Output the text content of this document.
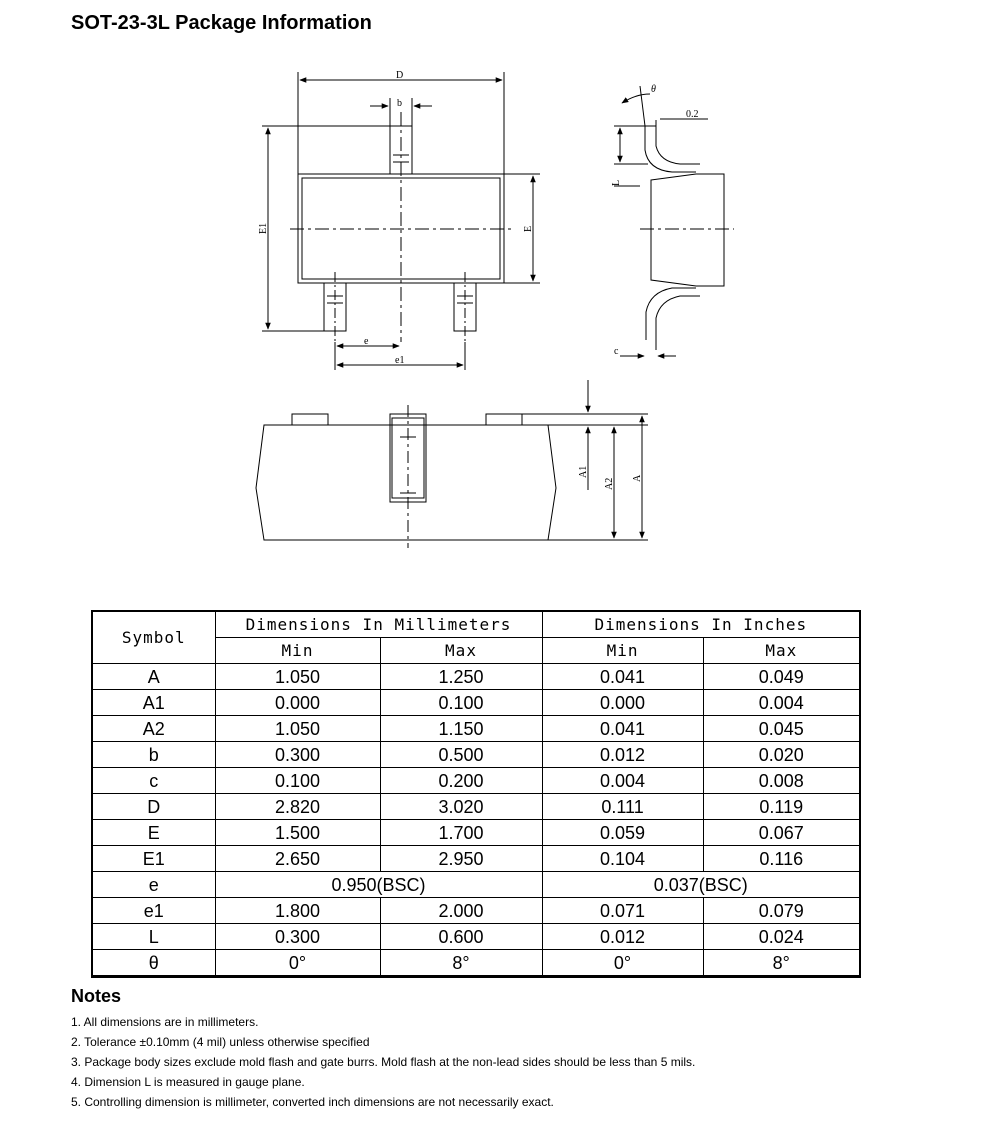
SOT-23-3L Package Information
D
b
E1	E
e
e1
θ
0.2
L
c
A1
A2 A
Symbol	Dimensions In Millimeters		Dimensions In Inches	
	Min	Max	Min	Max
A	1.050	1.250	0.041	0.049
A1	0.000	0.100	0.000	0.004
A2	1.050	1.150	0.041	0.045
b	0.300	0.500	0.012	0.020
c	0.100	0.200	0.004	0.008
D	2.820	3.020	0.111	0.119
E	1.500	1.700	0.059	0.067
E1	2.650	2.950	0.104	0.116
e	0.950(BSC)		0.037(BSC)	
e1	1.800	2.000	0.071	0.079
L	0.300	0.600	0.012	0.024
θ	0°	8°	0°	8°
Notes
1. All dimensions are in millimeters.
2. Tolerance ±0.10mm (4 mil) unless otherwise specified
3. Package body sizes exclude mold flash and gate burrs. Mold flash at the non-lead sides should be less than 5 mils.
4. Dimension L is measured in gauge plane.
5. Controlling dimension is millimeter, converted inch dimensions are not necessarily exact.
